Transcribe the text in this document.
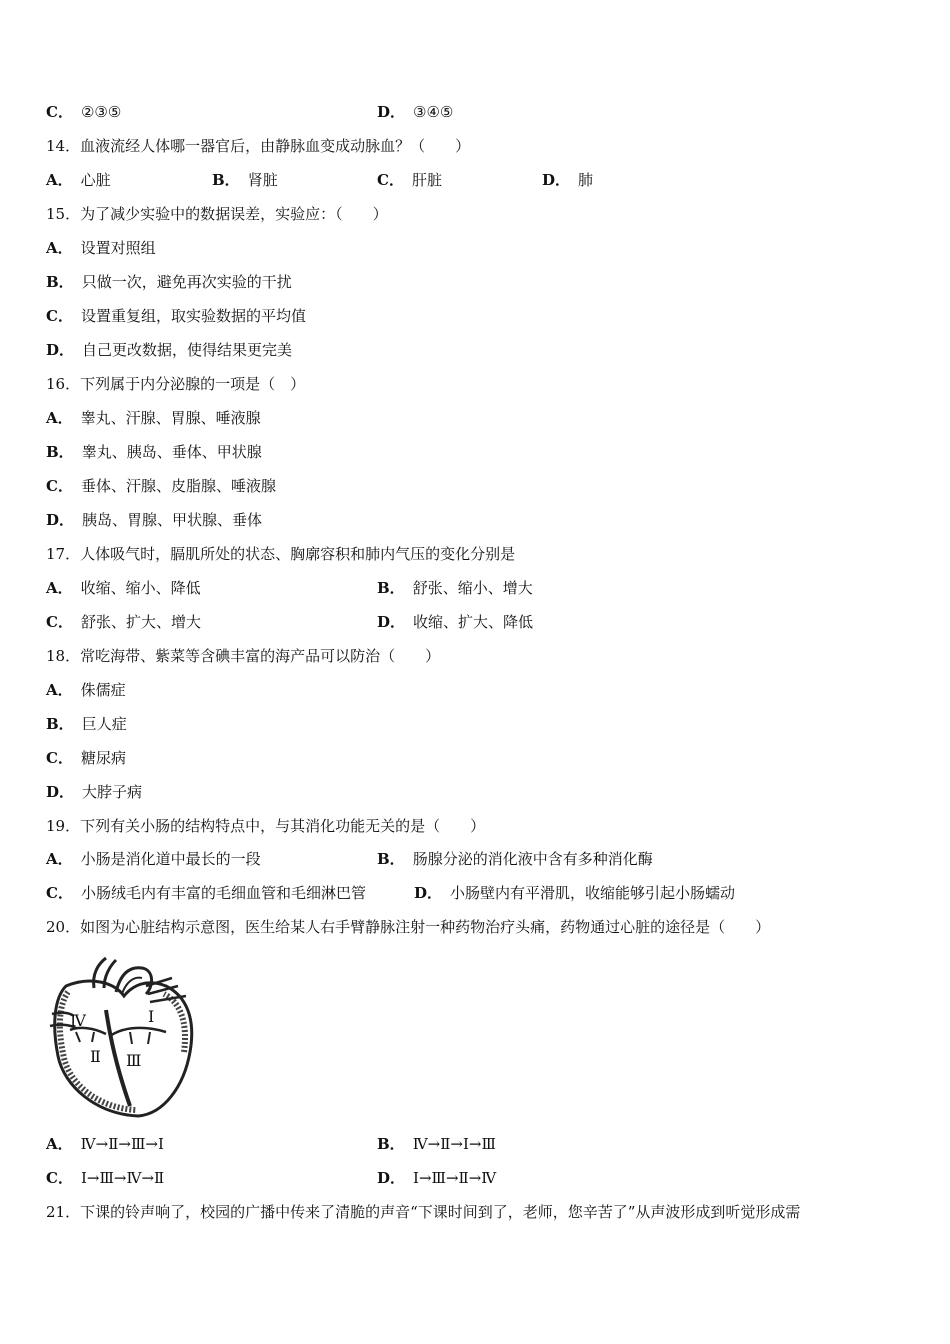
C． ②③⑤	D． ③④⑤
14．血液流经人体哪一器官后，由静脉血变成动脉血？（　　）
A． 心脏	B． 肾脏	C． 肝脏	D． 肺
15．为了减少实验中的数据误差，实验应：（　　）
A． 设置对照组
B． 只做一次，避免再次实验的干扰
C． 设置重复组，取实验数据的平均值
D． 自己更改数据，使得结果更完美
16．下列属于内分泌腺的一项是（　）
A． 睾丸、汗腺、胃腺、唾液腺
B． 睾丸、胰岛、垂体、甲状腺
C． 垂体、汗腺、皮脂腺、唾液腺
D． 胰岛、胃腺、甲状腺、垂体
17．人体吸气时，膈肌所处的状态、胸廓容积和肺内气压的变化分别是
A． 收缩、缩小、降低	B． 舒张、缩小、增大
C． 舒张、扩大、增大	D． 收缩、扩大、降低
18．常吃海带、紫菜等含碘丰富的海产品可以防治（　　）
A． 侏儒症
B． 巨人症
C． 糖尿病
D． 大脖子病
19．下列有关小肠的结构特点中，与其消化功能无关的是（　　）
A． 小肠是消化道中最长的一段	B． 肠腺分泌的消化液中含有多种消化酶
C． 小肠绒毛内有丰富的毛细血管和毛细淋巴管	D． 小肠壁内有平滑肌，收缩能够引起小肠蠕动
20．如图为心脏结构示意图，医生给某人右手臂静脉注射一种药物治疗头痛，药物通过心脏的途径是（　　）
Ⅳ	Ⅰ
Ⅱ Ⅲ
A． Ⅳ→Ⅱ→Ⅲ→Ⅰ	B． Ⅳ→Ⅱ→Ⅰ→Ⅲ
C． Ⅰ→Ⅲ→Ⅳ→Ⅱ	D． Ⅰ→Ⅲ→Ⅱ→Ⅳ
21．下课的铃声响了，校园的广播中传来了清脆的声音“下课时间到了，老师，您辛苦了”从声波形成到听觉形成需
